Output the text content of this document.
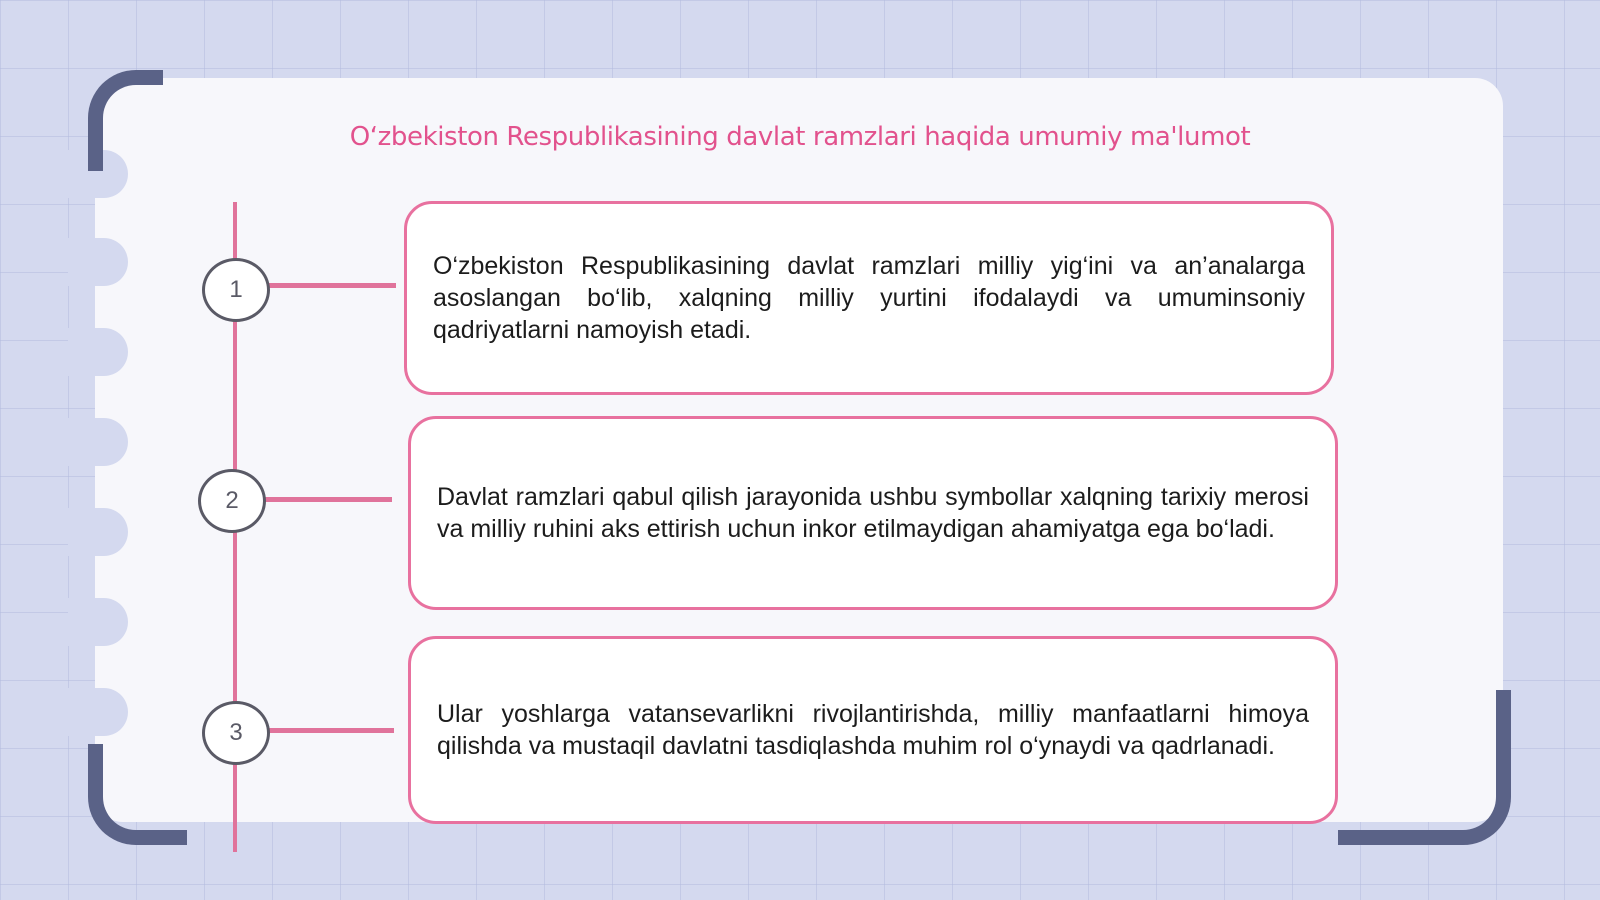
O‘zbekiston Respublikasining davlat ramzlari haqida umumiy ma'lumot
1
2
3

O‘zbekiston Respublikasining davlat ramzlari milliy yig‘ini va an’analarga asoslangan bo‘lib, xalqning milliy yurtini ifodalaydi va umuminsoniy qadriyatlarni namoyish etadi.

Davlat ramzlari qabul qilish jarayonida ushbu symbollar xalqning tarixiy merosi va milliy ruhini aks ettirish uchun inkor etilmaydigan ahamiyatga ega bo‘ladi.

Ular yoshlarga vatansevarlikni rivojlantirishda, milliy manfaatlarni himoya qilishda va mustaqil davlatni tasdiqlashda muhim rol o‘ynaydi va qadrlanadi.
